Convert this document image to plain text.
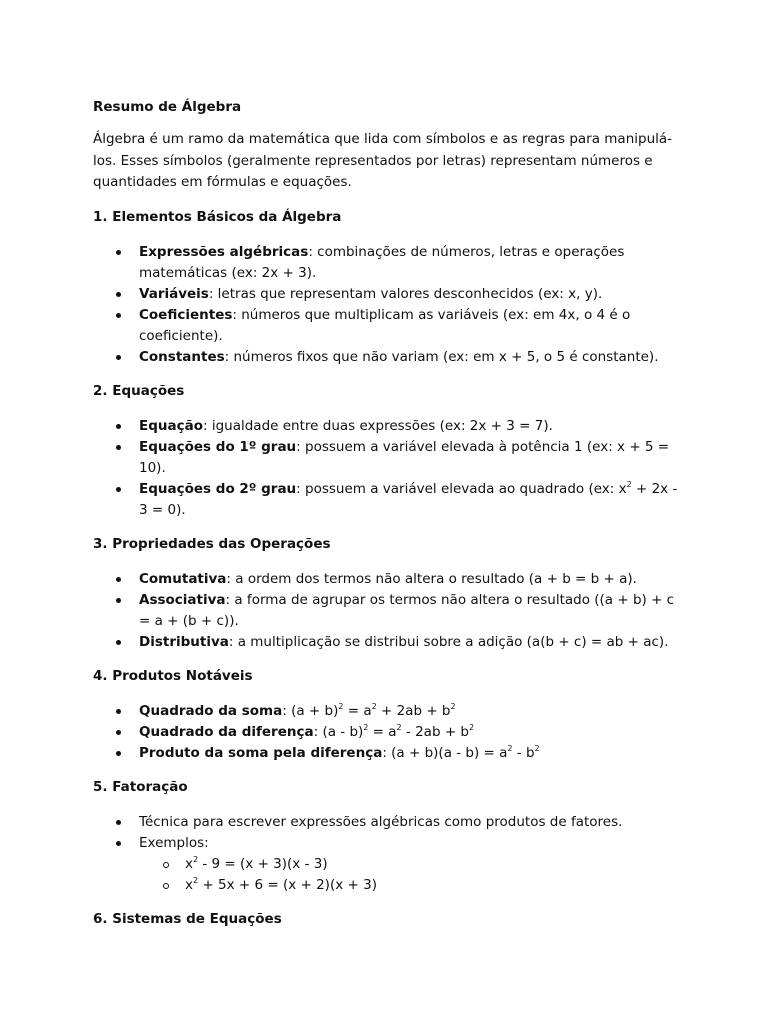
Resumo de Álgebra

Álgebra é um ramo da matemática que lida com símbolos e as regras para manipulá-los. Esses símbolos (geralmente representados por letras) representam números e quantidades em fórmulas e equações.

1. Elementos Básicos da Álgebra

Expressões algébricas: combinações de números, letras e operações matemáticas (ex: 2x + 3).
Variáveis: letras que representam valores desconhecidos (ex: x, y).
Coeficientes: números que multiplicam as variáveis (ex: em 4x, o 4 é o coeficiente).
Constantes: números fixos que não variam (ex: em x + 5, o 5 é constante).

2. Equações

Equação: igualdade entre duas expressões (ex: 2x + 3 = 7).
Equações do 1º grau: possuem a variável elevada à potência 1 (ex: x + 5 = 10).
Equações do 2º grau: possuem a variável elevada ao quadrado (ex: $x^2 + 2x - 3 = 0$).

3. Propriedades das Operações

Comutativa: a ordem dos termos não altera o resultado (a + b = b + a).
Associativa: a forma de agrupar os termos não altera o resultado ((a + b) + c = a + (b + c)).
Distributiva: a multiplicação se distribui sobre a adição (a(b + c) = ab + ac).

4. Produtos Notáveis

Quadrado da soma: $(a + b)^2 = a^2 + 2ab + b^2$
Quadrado da diferença: $(a - b)^2 = a^2 - 2ab + b^2$
Produto da soma pela diferença: $(a + b)(a - b) = a^2 - b^2$

5. Fatoração

Técnica para escrever expressões algébricas como produtos de fatores.
Exemplos:
$x^2 - 9 = (x + 3)(x - 3)$
$x^2 + 5x + 6 = (x + 2)(x + 3)$

6. Sistemas de Equações
